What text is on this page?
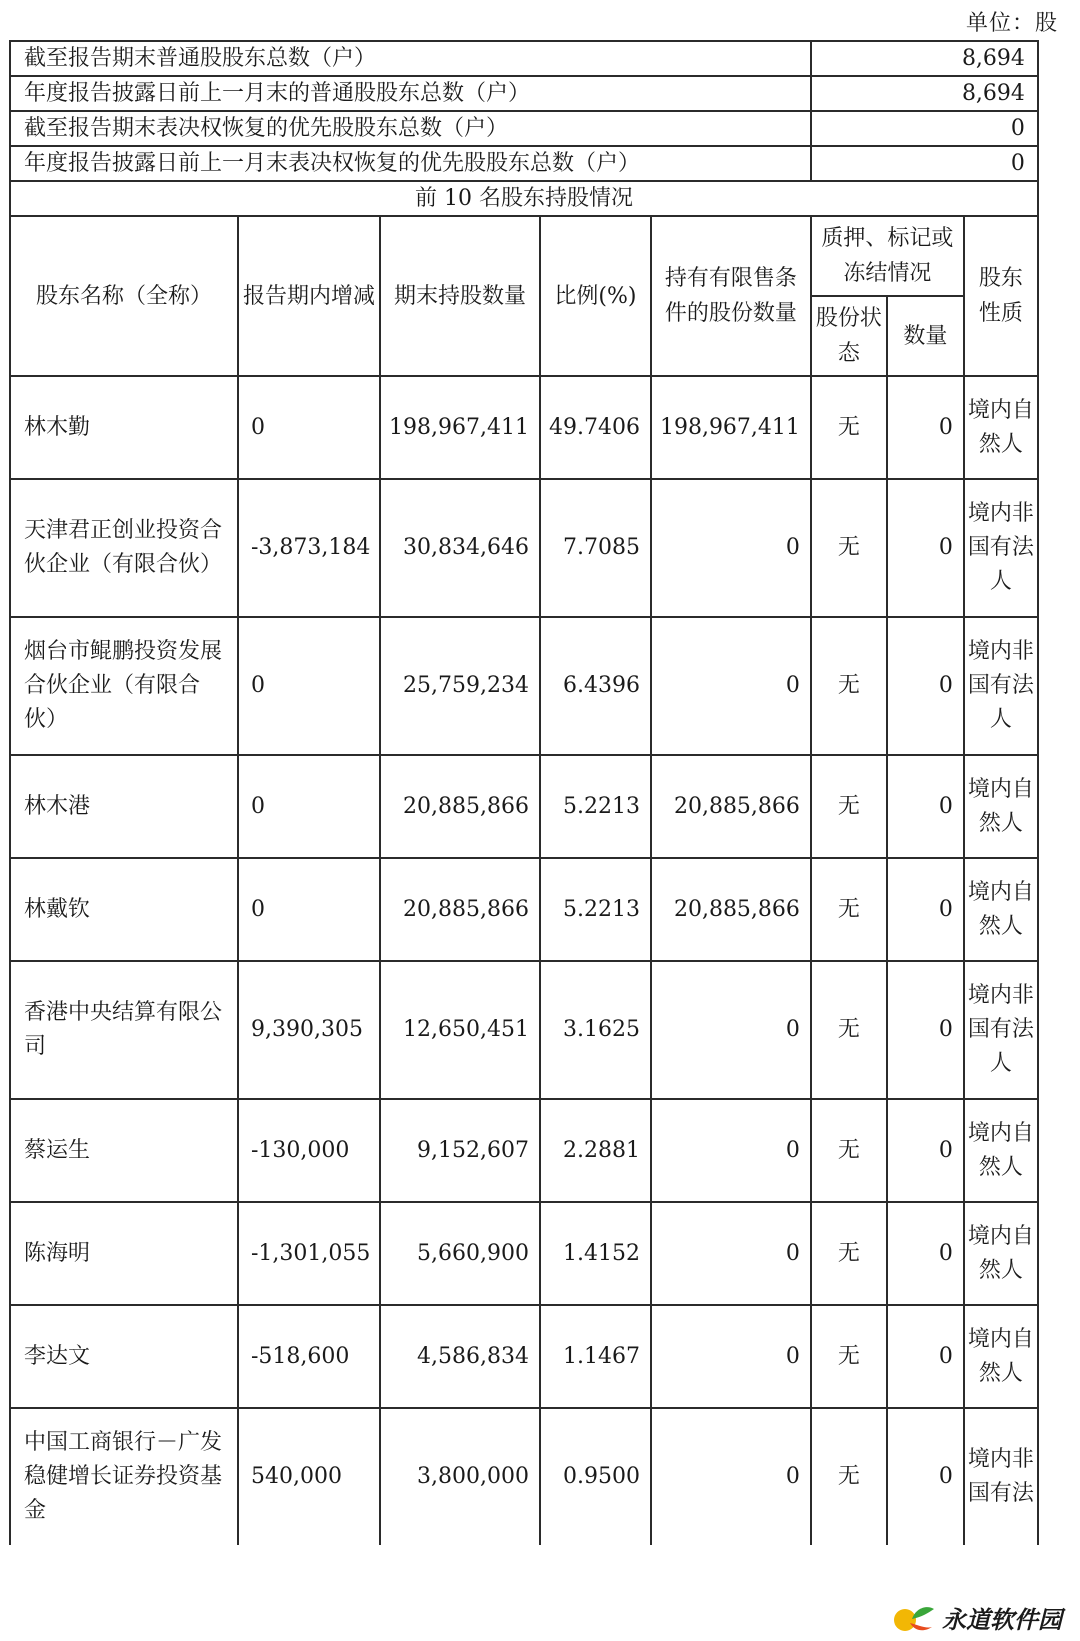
单位：股
截至报告期末普通股股东总数（户）					8,694		
年度报告披露日前上一月末的普通股股东总数（户）					8,694		
截至报告期末表决权恢复的优先股股东总数（户）					0		
年度报告披露日前上一月末表决权恢复的优先股股东总数（户）					0		
前 10 名股东持股情况							
股东名称（全称）	报告期内增减	期末持股数量	比例(%)	持有有限售条件的股份数量	质押、标记或冻结情况		股东性质
					股份状态	数量	
林木勤	0	198,967,411	49.7406	198,967,411	无	0	境内自然人
天津君正创业投资合伙企业（有限合伙）	-3,873,184	30,834,646	7.7085	0	无	0	境内非国有法人
烟台市鲲鹏投资发展合伙企业（有限合伙）	0	25,759,234	6.4396	0	无	0	境内非国有法人
林木港	0	20,885,866	5.2213	20,885,866	无	0	境内自然人
林戴钦	0	20,885,866	5.2213	20,885,866	无	0	境内自然人
香港中央结算有限公司	9,390,305	12,650,451	3.1625	0	无	0	境内非国有法人
蔡运生	-130,000	9,152,607	2.2881	0	无	0	境内自然人
陈海明	-1,301,055	5,660,900	1.4152	0	无	0	境内自然人
李达文	-518,600	4,586,834	1.1467	0	无	0	境内自然人
中国工商银行－广发稳健增长证券投资基金	540,000	3,800,000	0.9500	0	无	0	境内非国有法
永道软件园
